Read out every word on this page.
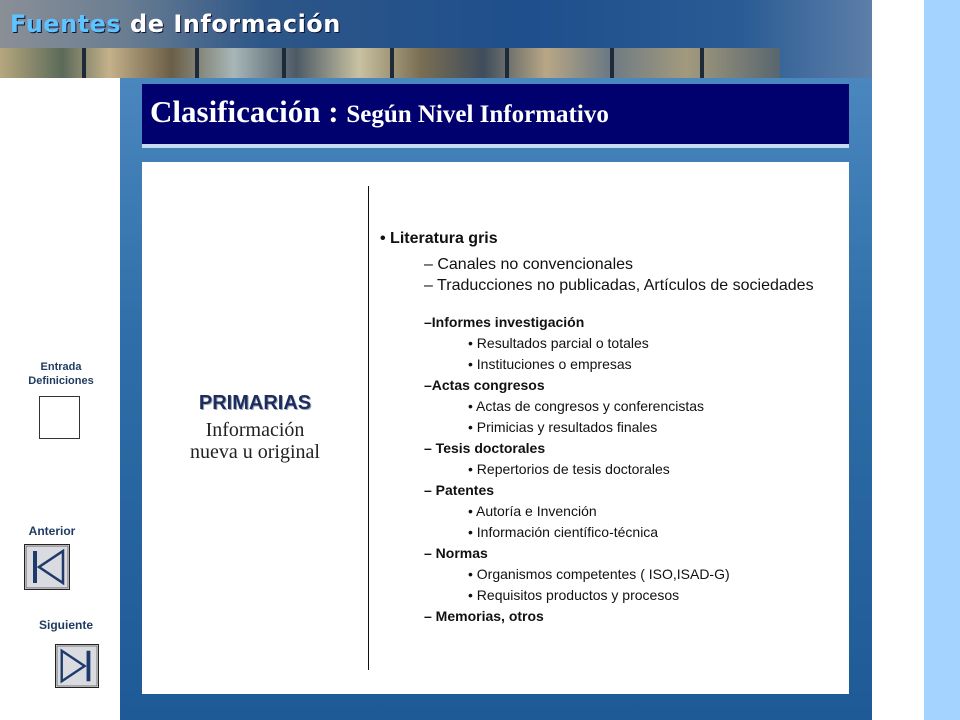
Fuentes de Información
Entrada
Definiciones
Anterior
Siguiente
Clasificación : Según Nivel Informativo
PRIMARIAS
Información
nueva u original
• Literatura gris
– Canales no convencionales
– Traducciones no publicadas, Artículos de sociedades
–Informes investigación
• Resultados parcial o totales
• Instituciones o empresas
–Actas congresos
• Actas de congresos y conferencistas
• Primicias y resultados finales
– Tesis doctorales
• Repertorios de tesis doctorales
– Patentes
• Autoría e Invención
• Información científico-técnica
– Normas
• Organismos competentes ( ISO,ISAD-G)
• Requisitos productos y procesos
– Memorias, otros
